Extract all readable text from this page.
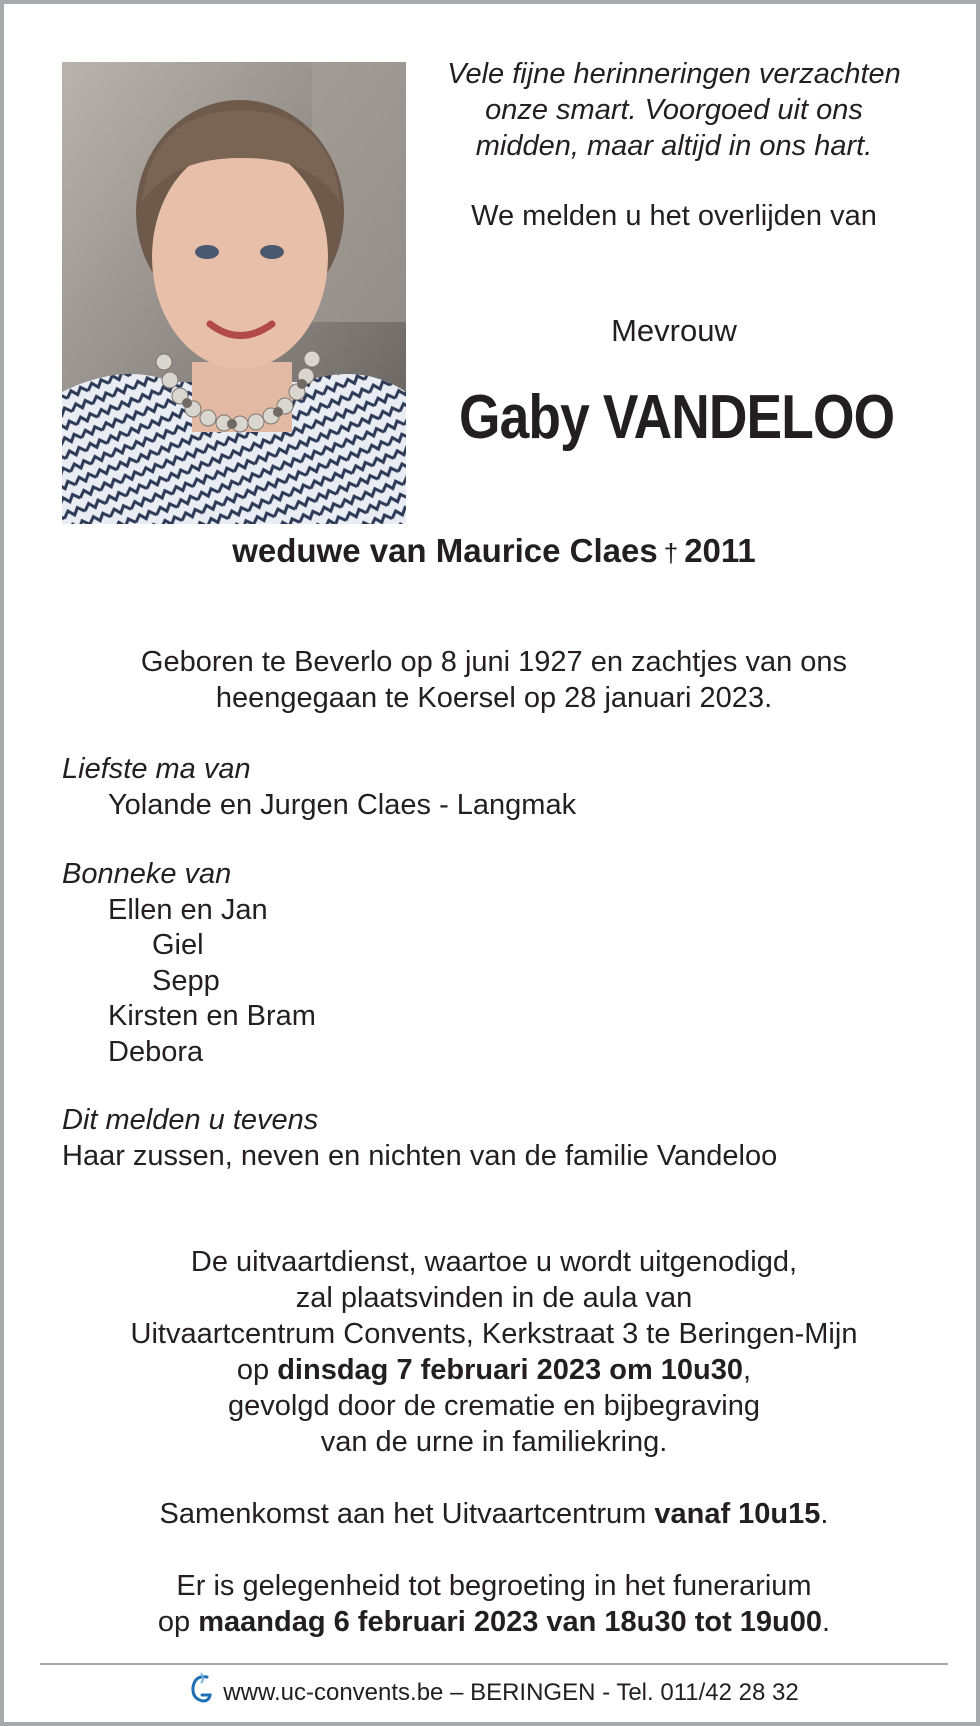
Vele fijne herinneringen verzachten
onze smart. Voorgoed uit ons
midden, maar altijd in ons hart.
We melden u het overlijden van
Mevrouw
Gaby VANDELOO
weduwe van Maurice Claes † 2011
Geboren te Beverlo op 8 juni 1927 en zachtjes van ons
heengegaan te Koersel op 28 januari 2023.
Liefste ma van
Yolande en Jurgen Claes - Langmak
Bonneke van
Ellen en Jan
Giel
Sepp
Kirsten en Bram
Debora
Dit melden u tevens
Haar zussen, neven en nichten van de familie Vandeloo
De uitvaartdienst, waartoe u wordt uitgenodigd,
zal plaatsvinden in de aula van
Uitvaartcentrum Convents, Kerkstraat 3 te Beringen-Mijn
op dinsdag 7 februari 2023 om 10u30,
gevolgd door de crematie en bijbegraving
van de urne in familiekring.
Samenkomst aan het Uitvaartcentrum vanaf 10u15.
Er is gelegenheid tot begroeting in het funerarium
op maandag 6 februari 2023 van 18u30 tot 19u00.
www.uc-convents.be – BERINGEN - Tel. 011/42 28 32
